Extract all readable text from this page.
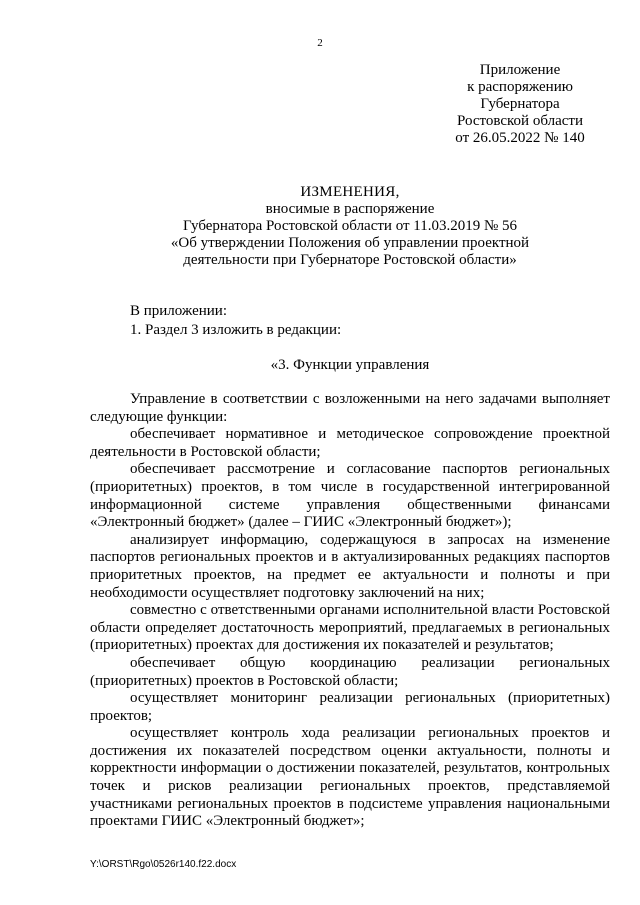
2
Приложение
к распоряжению
Губернатора
Ростовской области
от 26.05.2022 № 140
ИЗМЕНЕНИЯ,
вносимые в распоряжение
Губернатора Ростовской области от 11.03.2019 № 56
«Об утверждении Положения об управлении проектной
деятельности при Губернаторе Ростовской области»
В приложении:
1. Раздел 3 изложить в редакции:
«3. Функции управления

Управление в соответствии с возложенными на него задачами выполняет следующие функции:

обеспечивает нормативное и методическое сопровождение проектной деятельности в Ростовской области;

обеспечивает рассмотрение и согласование паспортов региональных (приоритетных) проектов, в том числе в государственной интегрированной информационной системе управления общественными финансами «Электронный бюджет» (далее – ГИИС «Электронный бюджет»);

анализирует информацию, содержащуюся в запросах на изменение паспортов региональных проектов и в актуализированных редакциях паспортов приоритетных проектов, на предмет ее актуальности и полноты и при необходимости осуществляет подготовку заключений на них;

совместно с ответственными органами исполнительной власти Ростовской области определяет достаточность мероприятий, предлагаемых в региональных (приоритетных) проектах для достижения их показателей и результатов;

обеспечивает общую координацию реализации региональных (приоритетных) проектов в Ростовской области;

осуществляет мониторинг реализации региональных (приоритетных) проектов;

осуществляет контроль хода реализации региональных проектов и достижения их показателей посредством оценки актуальности, полноты и корректности информации о достижении показателей, результатов, контрольных точек и рисков реализации региональных проектов, представляемой участниками региональных проектов в подсистеме управления национальными проектами ГИИС «Электронный бюджет»;

Y:\ORST\Rgo\0526r140.f22.docx
